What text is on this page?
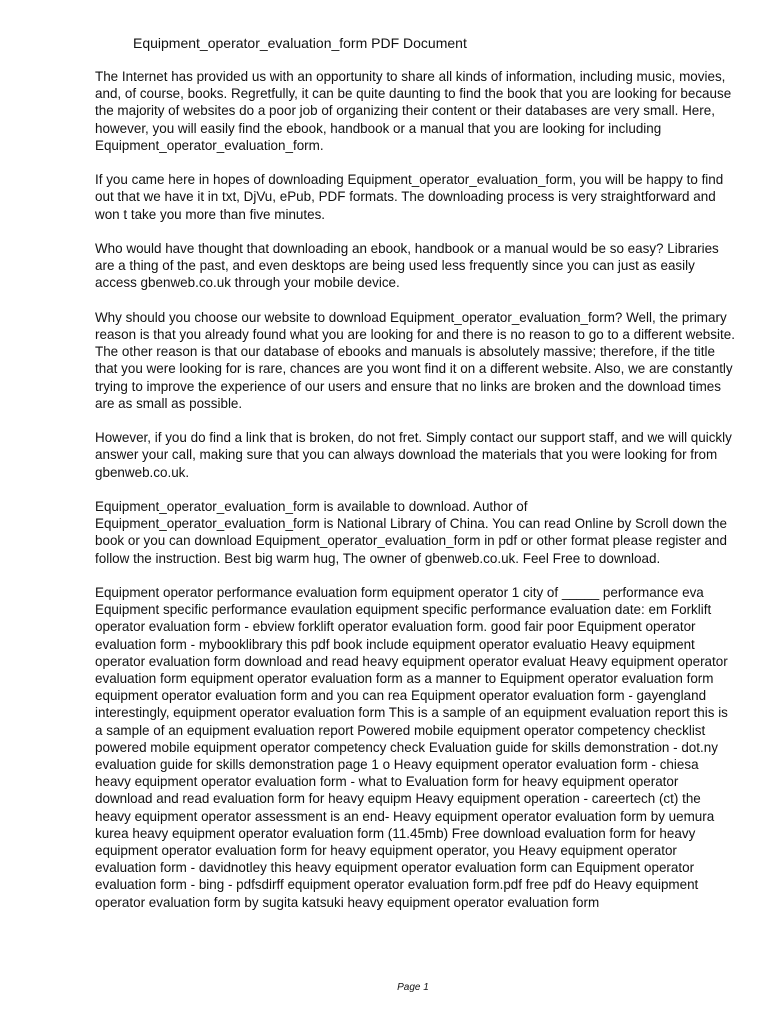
Equipment_operator_evaluation_form PDF Document

The Internet has provided us with an opportunity to share all kinds of information, including music, movies, and, of course, books. Regretfully, it can be quite daunting to find the book that you are looking for because the majority of websites do a poor job of organizing their content or their databases are very small. Here, however, you will easily find the ebook, handbook or a manual that you are looking for including Equipment_operator_evaluation_form.

If you came here in hopes of downloading Equipment_operator_evaluation_form, you will be happy to find out that we have it in txt, DjVu, ePub, PDF formats. The downloading process is very straightforward and won t take you more than five minutes.

Who would have thought that downloading an ebook, handbook or a manual would be so easy? Libraries are a thing of the past, and even desktops are being used less frequently since you can just as easily access gbenweb.co.uk through your mobile device.

Why should you choose our website to download Equipment_operator_evaluation_form? Well, the primary reason is that you already found what you are looking for and there is no reason to go to a different website. The other reason is that our database of ebooks and manuals is absolutely massive; therefore, if the title that you were looking for is rare, chances are you wont find it on a different website. Also, we are constantly trying to improve the experience of our users and ensure that no links are broken and the download times are as small as possible.

However, if you do find a link that is broken, do not fret. Simply contact our support staff, and we will quickly answer your call, making sure that you can always download the materials that you were looking for from gbenweb.co.uk.

Equipment_operator_evaluation_form is available to download. Author of Equipment_operator_evaluation_form is National Library of China. You can read Online by Scroll down the book or you can download Equipment_operator_evaluation_form in pdf or other format please register and follow the instruction. Best big warm hug, The owner of gbenweb.co.uk. Feel Free to download.

Equipment operator performance evaluation form equipment operator 1 city of _____ performance eva Equipment specific performance evaulation equipment specific performance evaluation date: em Forklift operator evaluation form - ebview forklift operator evaluation form. good fair poor Equipment operator evaluation form - mybooklibrary this pdf book include equipment operator evaluatio Heavy equipment operator evaluation form download and read heavy equipment operator evaluat Heavy equipment operator evaluation form equipment operator evaluation form as a manner to Equipment operator evaluation form equipment operator evaluation form and you can rea Equipment operator evaluation form - gayengland interestingly, equipment operator evaluation form This is a sample of an equipment evaluation report this is a sample of an equipment evaluation report Powered mobile equipment operator competency checklist powered mobile equipment operator competency check Evaluation guide for skills demonstration - dot.ny evaluation guide for skills demonstration page 1 o Heavy equipment operator evaluation form - chiesa heavy equipment operator evaluation form - what to Evaluation form for heavy equipment operator download and read evaluation form for heavy equipm Heavy equipment operation - careertech (ct) the heavy equipment operator assessment is an end- Heavy equipment operator evaluation form by uemura kurea heavy equipment operator evaluation form (11.45mb) Free download evaluation form for heavy equipment operator evaluation form for heavy equipment operator, you Heavy equipment operator evaluation form - davidnotley this heavy equipment operator evaluation form can Equipment operator evaluation form - bing - pdfsdirff equipment operator evaluation form.pdf free pdf do Heavy equipment operator evaluation form by sugita katsuki heavy equipment operator evaluation form

Page 1
